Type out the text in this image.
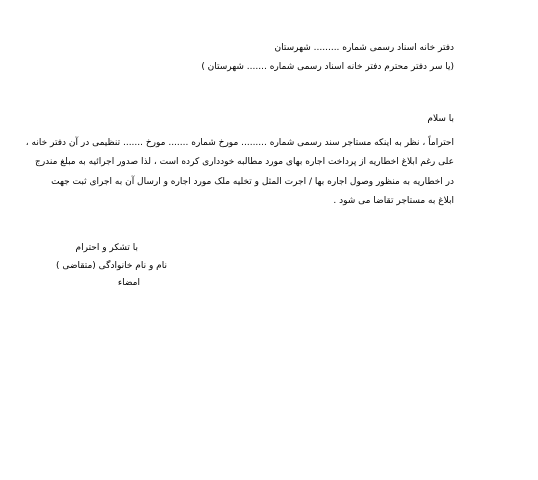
دفتر خانه اسناد رسمی شماره ......... شهرستان
(یا سر دفتر محترم دفتر خانه اسناد رسمی شماره ....... شهرستان )
با سلام
احتراماً ، نظر به اینکه مستاجر سند رسمی شماره ......... مورخ شماره ....... مورخ ....... تنظیمی در آن دفتر خانه ،
علی رغم ابلاغ اخطاریه از پرداخت اجاره بهای مورد مطالبه خودداری کرده است ، لذا صدور اجرائیه به مبلغ مندرج
در اخطاریه به منظور وصول اجاره بها / اجرت المثل و تخلیه ملک مورد اجاره و ارسال آن به اجرای ثبت جهت
ابلاغ به مستاجر تقاضا می شود .
با تشکر و احترام
نام و نام خانوادگی (متقاضی )
امضاء
